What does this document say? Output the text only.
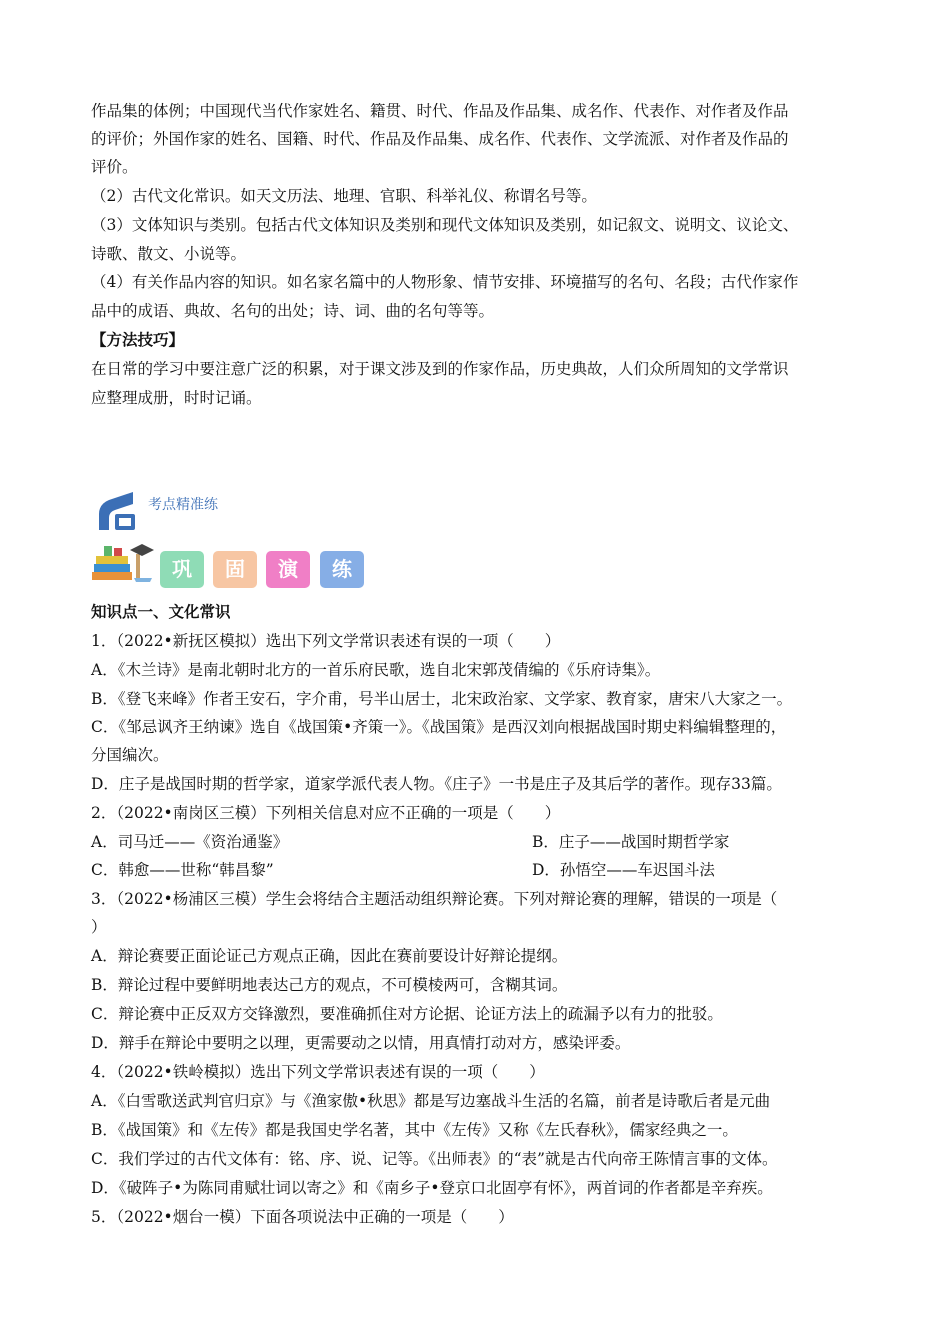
作品集的体例；中国现代当代作家姓名、籍贯、时代、作品及作品集、成名作、代表作、对作者及作品
的评价；外国作家的姓名、国籍、时代、作品及作品集、成名作、代表作、文学流派、对作者及作品的
评价。
（2）古代文化常识。如天文历法、地理、官职、科举礼仪、称谓名号等。
（3）文体知识与类别。包括古代文体知识及类别和现代文体知识及类别，如记叙文、说明文、议论文、
诗歌、散文、小说等。
（4）有关作品内容的知识。如名家名篇中的人物形象、情节安排、环境描写的名句、名段；古代作家作
品中的成语、典故、名句的出处；诗、词、曲的名句等等。
【方法技巧】
在日常的学习中要注意广泛的积累，对于课文涉及到的作家作品，历史典故，人们众所周知的文学常识
应整理成册，时时记诵。
考点精准练
巩	固	演	练
知识点一、文化常识
1．（2022•新抚区模拟）选出下列文学常识表述有误的一项（　　）
A．《木兰诗》是南北朝时北方的一首乐府民歌，选自北宋郭茂倩编的《乐府诗集》。
B．《登飞来峰》作者王安石，字介甫，号半山居士，北宋政治家、文学家、教育家，唐宋八大家之一。
C．《邹忌讽齐王纳谏》选自《战国策•齐策一》。《战国策》是西汉刘向根据战国时期史料编辑整理的，
分国编次。
D．庄子是战国时期的哲学家，道家学派代表人物。《庄子》一书是庄子及其后学的著作。现存33篇。
2．（2022•南岗区三模）下列相关信息对应不正确的一项是（　　）
A．司马迁——《资治通鉴》	B．庄子——战国时期哲学家
C．韩愈——世称“韩昌黎”	D．孙悟空——车迟国斗法
3．（2022•杨浦区三模）学生会将结合主题活动组织辩论赛。下列对辩论赛的理解，错误的一项是（
）
A．辩论赛要正面论证己方观点正确，因此在赛前要设计好辩论提纲。
B．辩论过程中要鲜明地表达己方的观点，不可模棱两可，含糊其词。
C．辩论赛中正反双方交锋激烈，要准确抓住对方论据、论证方法上的疏漏予以有力的批驳。
D．辩手在辩论中要明之以理，更需要动之以情，用真情打动对方，感染评委。
4．（2022•铁岭模拟）选出下列文学常识表述有误的一项（　　）
A．《白雪歌送武判官归京》与《渔家傲•秋思》都是写边塞战斗生活的名篇，前者是诗歌后者是元曲
B．《战国策》和《左传》都是我国史学名著，其中《左传》又称《左氏春秋》，儒家经典之一。
C．我们学过的古代文体有：铭、序、说、记等。《出师表》的“表”就是古代向帝王陈情言事的文体。
D．《破阵子•为陈同甫赋壮词以寄之》和《南乡子•登京口北固亭有怀》，两首词的作者都是辛弃疾。
5．（2022•烟台一模）下面各项说法中正确的一项是（　　）
